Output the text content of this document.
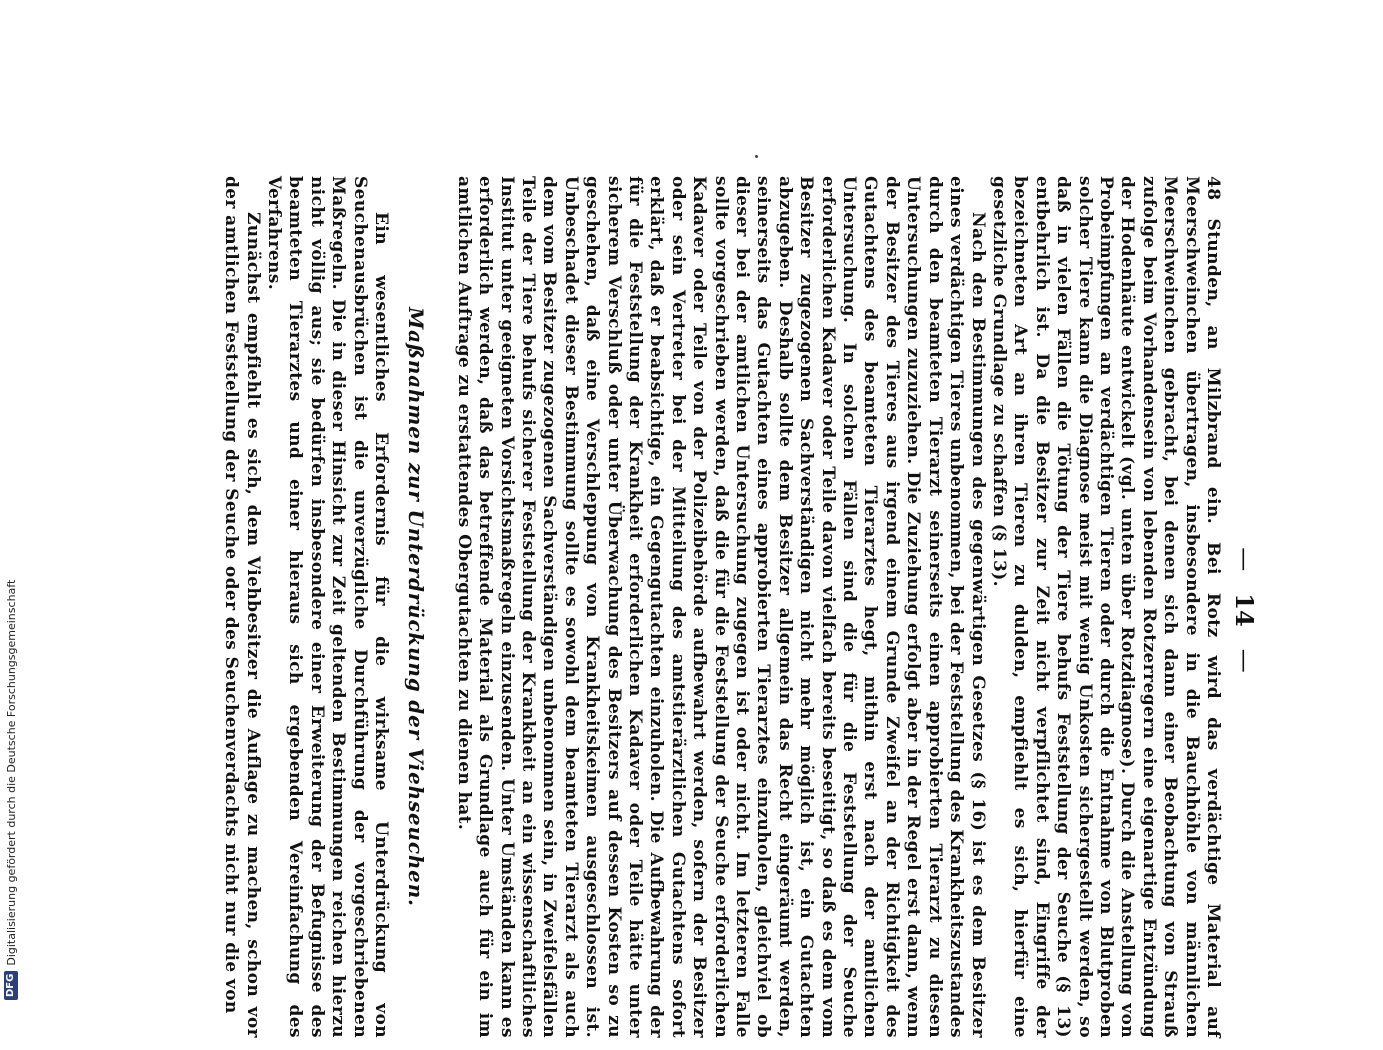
—
14
—

48 Stunden, an Milzbrand ein. Bei Rotz wird das verdächtige Material auf Meerschweinchen übertragen, insbesondere in die Bauchhöhle von männlichen Meerschweinchen gebracht, bei denen sich dann einer Beobachtung von Strauß zufolge beim Vorhandensein von lebenden Rotzerregern eine eigenartige Entzündung der Hodenhäute entwickelt (vgl. unten über Rotzdiagnose). Durch die Anstellung von Probeimpfungen an verdächtigen Tieren oder durch die Entnahme von Blutproben solcher Tiere kann die Diagnose meist mit wenig Unkosten sichergestellt werden, so daß in vielen Fällen die Tötung der Tiere behufs Feststellung der Seuche (§ 13) entbehrlich ist. Da die Besitzer zur Zeit nicht verpflichtet sind, Eingriffe der bezeichneten Art an ihren Tieren zu dulden, empfiehlt es sich, hierfür eine gesetzliche Grundlage zu schaffen (§ 13).

Nach den Bestimmungen des gegenwärtigen Gesetzes (§ 16) ist es dem Besitzer eines verdächtigen Tieres unbenommen, bei der Feststellung des Krankheitszustandes durch den beamteten Tierarzt seinerseits einen approbierten Tierarzt zu diesen Untersuchungen zuzuziehen. Die Zuziehung erfolgt aber in der Regel erst dann, wenn der Besitzer des Tieres aus irgend einem Grunde Zweifel an der Richtigkeit des Gutachtens des beamteten Tierarztes hegt, mithin erst nach der amtlichen Untersuchung. In solchen Fällen sind die für die Feststellung der Seuche erforderlichen Kadaver oder Teile davon vielfach bereits beseitigt, so daß es dem vom Besitzer zugezogenen Sachverständigen nicht mehr möglich ist, ein Gutachten abzugeben. Deshalb sollte dem Besitzer allgemein das Recht eingeräumt werden, seinerseits das Gutachten eines approbierten Tierarztes einzuholen, gleichviel ob dieser bei der amtlichen Untersuchung zugegen ist oder nicht. Im letzteren Falle sollte vorgeschrieben werden, daß die für die Feststellung der Seuche erforderlichen Kadaver oder Teile von der Polizeibehörde aufbewahrt werden, sofern der Besitzer oder sein Vertreter bei der Mitteilung des amtstierärztlichen Gutachtens sofort erklärt, daß er beabsichtige, ein Gegengutachten einzuholen. Die Aufbewahrung der für die Feststellung der Krankheit erforderlichen Kadaver oder Teile hätte unter sicherem Verschluß oder unter Überwachung des Besitzers auf dessen Kosten so zu geschehen, daß eine Verschleppung von Krankheitskeimen ausgeschlossen ist. Unbeschadet dieser Bestimmung sollte es sowohl dem beamteten Tierarzt als auch dem vom Besitzer zugezogenen Sachverständigen unbenommen sein, in Zweifelsfällen Teile der Tiere behufs sicherer Feststellung der Krankheit an ein wissenschaftliches Institut unter geeigneten Vorsichtsmaßregeln einzusenden. Unter Umständen kann es erforderlich werden, daß das betreffende Material als Grundlage auch für ein im amtlichen Auftrage zu erstattendes Obergutachten zu dienen hat.

Maßnahmen zur Unterdrückung der Viehseuchen.

Ein wesentliches Erfordernis für die wirksame Unterdrückung von Seuchenausbrüchen ist die unverzügliche Durchführung der vorgeschriebenen Maßregeln. Die in dieser Hinsicht zur Zeit geltenden Bestimmungen reichen hierzu nicht völlig aus; sie bedürfen insbesondere einer Erweiterung der Befugnisse des beamteten Tierarztes und einer hieraus sich ergebenden Vereinfachung des Verfahrens.

Zunächst empfiehlt es sich, dem Viehbesitzer die Auflage zu machen, schon vor der amtlichen Feststellung der Seuche oder des Seuchenverdachts nicht nur die von

DFG
Digitalisierung gefördert durch die Deutsche Forschungsgemeinschaft
